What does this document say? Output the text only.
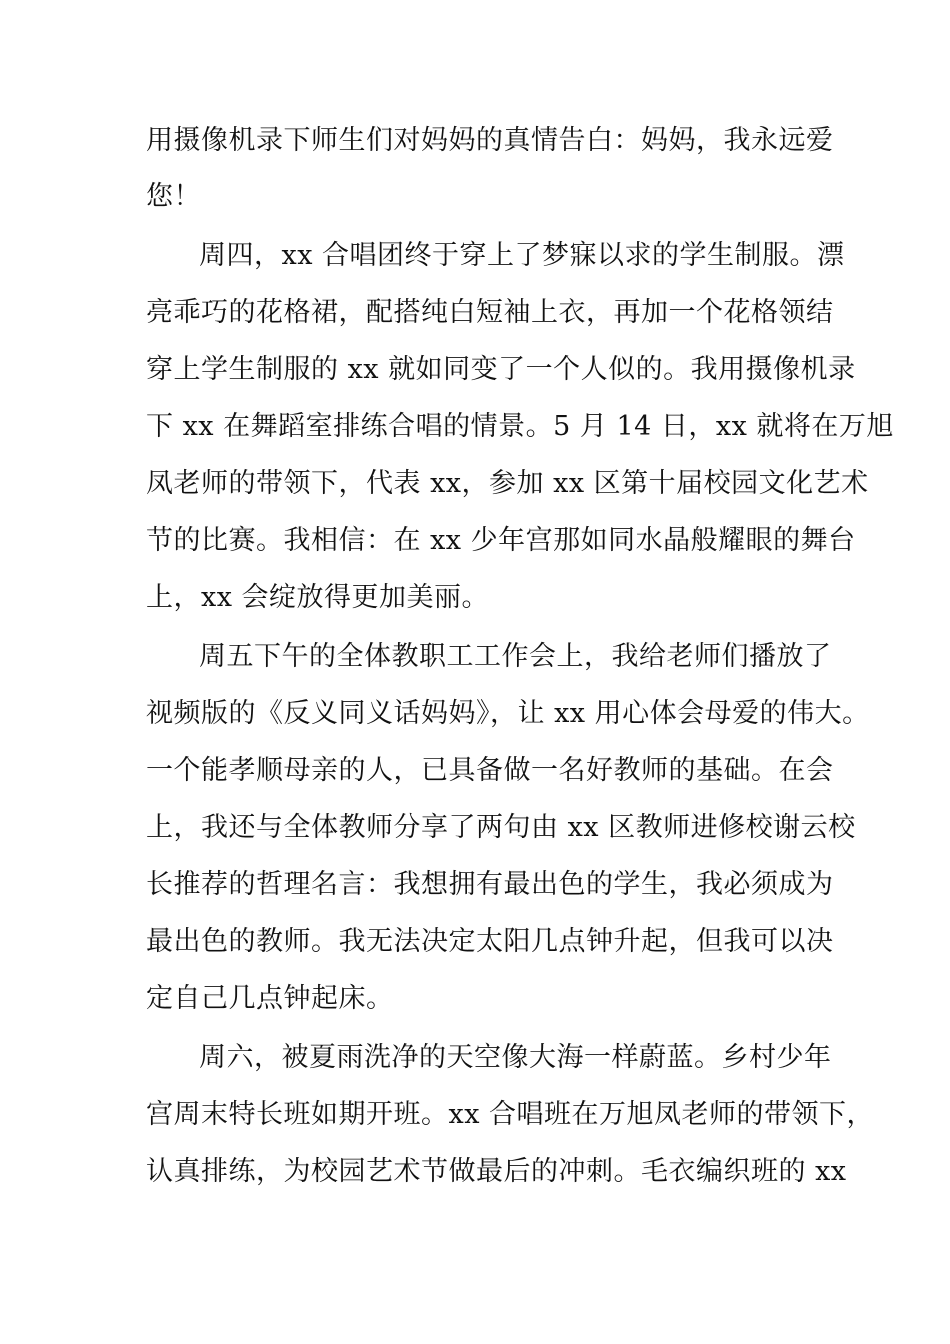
用摄像机录下师生们对妈妈的真情告白：妈妈，我永远爱
您！
周四，xx 合唱团终于穿上了梦寐以求的学生制服。漂
亮乖巧的花格裙，配搭纯白短袖上衣，再加一个花格领结
穿上学生制服的 xx 就如同变了一个人似的。我用摄像机录
下 xx 在舞蹈室排练合唱的情景。5 月 14 日，xx 就将在万旭
凤老师的带领下，代表 xx，参加 xx 区第十届校园文化艺术
节的比赛。我相信：在 xx 少年宫那如同水晶般耀眼的舞台
上，xx 会绽放得更加美丽。
周五下午的全体教职工工作会上，我给老师们播放了
视频版的《反义同义话妈妈》，让 xx 用心体会母爱的伟大。
一个能孝顺母亲的人，已具备做一名好教师的基础。在会
上，我还与全体教师分享了两句由 xx 区教师进修校谢云校
长推荐的哲理名言：我想拥有最出色的学生，我必须成为
最出色的教师。我无法决定太阳几点钟升起，但我可以决
定自己几点钟起床。
周六，被夏雨洗净的天空像大海一样蔚蓝。乡村少年
宫周末特长班如期开班。xx 合唱班在万旭凤老师的带领下，
认真排练，为校园艺术节做最后的冲刺。毛衣编织班的 xx
